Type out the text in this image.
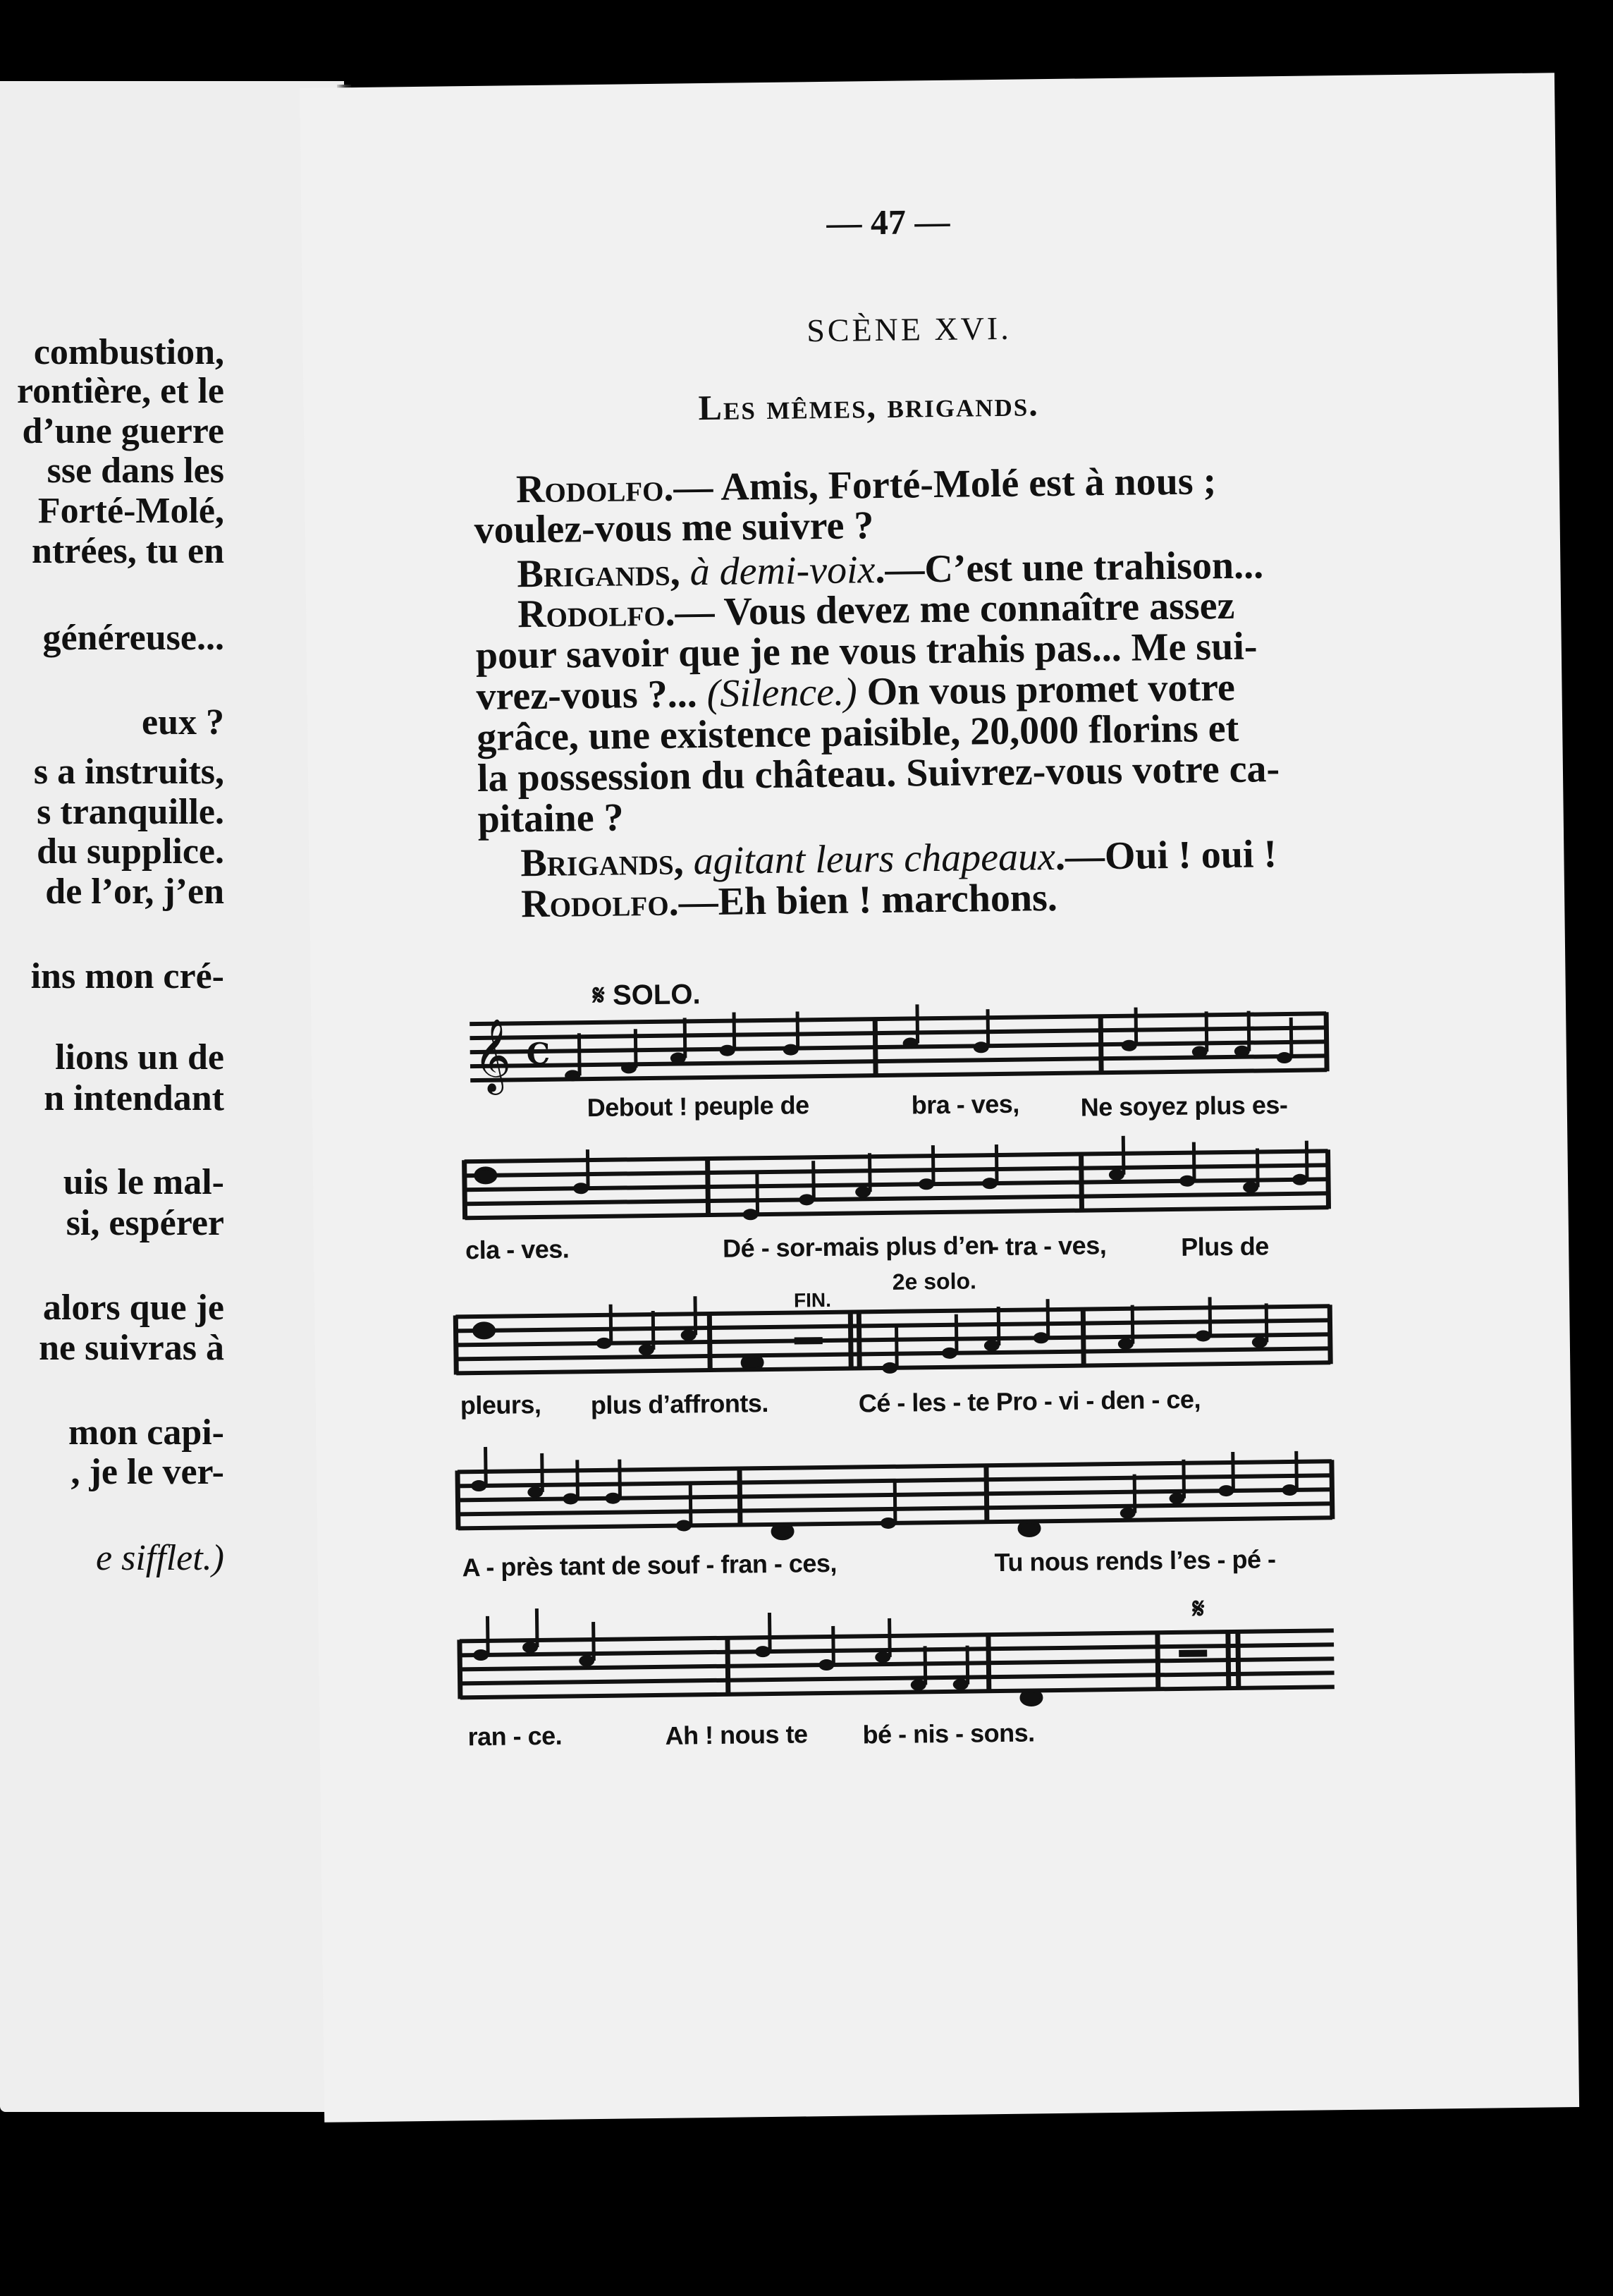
combustion,
rontière, et le
d’une guerre
sse dans les
Forté-Molé,
ntrées, tu en
généreuse...
eux ?
s a instruits,
s tranquille.
du supplice.
de l’or, j’en
ins mon cré-
lions un de
n intendant
uis le mal-
si, espérer
alors que je
ne suivras à
mon capi-
, je le ver-
e sifflet.)
— 47 —
SCÈNE XVI.
Les mêmes, brigands.
Rodolfo.— Amis, Forté-Molé est à nous ;
voulez-vous me suivre ?
Brigands, à demi-voix.—C’est une trahison...
Rodolfo.— Vous devez me connaître assez
pour savoir que je ne vous trahis pas... Me sui-
vrez-vous ?... (Silence.) On vous promet votre
grâce, une existence paisible, 20,000 florins et
la possession du château. Suivrez-vous votre ca-
pitaine ?
Brigands, agitant leurs chapeaux.—Oui ! oui !
Rodolfo.—Eh bien ! marchons.
𝄋 SOLO.
𝄞 C
Debout ! peuple de	bra - ves, Ne soyez plus es-
cla - ves.	Dé - sor-mais plus d’en
- tra - ves,	Plus de
2e solo.
FIN.
pleurs, plus d’affronts.	Cé - les - te Pro - vi - den - ce,
A - près tant de souf - fran - ces,	Tu nous rends l’es - pé -
𝄋
ran - ce.	Ah ! nous te bé - nis - sons.
